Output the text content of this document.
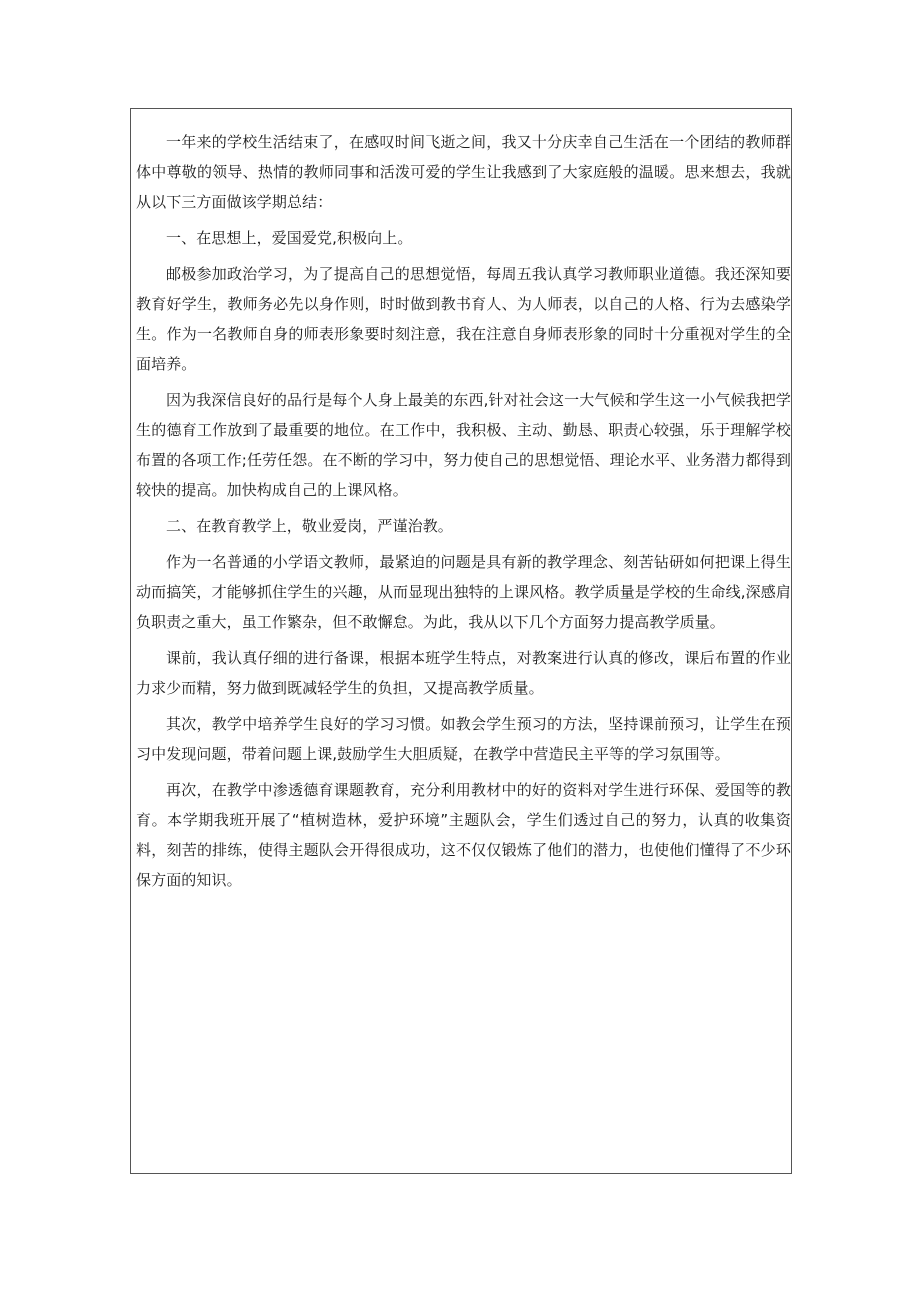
一年来的学校生活结束了，在感叹时间飞逝之间，我又十分庆幸自己生活在一个团结的教师群体中尊敬的领导、热情的教师同事和活泼可爱的学生让我感到了大家庭般的温暖。思来想去，我就从以下三方面做该学期总结：

一、在思想上，爱国爱党,积极向上。

邮极参加政治学习，为了提高自己的思想觉悟，每周五我认真学习教师职业道德。我还深知要教育好学生，教师务必先以身作则，时时做到教书育人、为人师表，以自己的人格、行为去感染学生。作为一名教师自身的师表形象要时刻注意，我在注意自身师表形象的同时十分重视对学生的全面培养。

因为我深信良好的品行是每个人身上最美的东西,针对社会这一大气候和学生这一小气候我把学生的德育工作放到了最重要的地位。在工作中，我积极、主动、勤恳、职责心较强，乐于理解学校布置的各项工作;任劳任怨。在不断的学习中，努力使自己的思想觉悟、理论水平、业务潜力都得到较快的提高。加快构成自己的上课风格。

二、在教育教学上，敬业爱岗，严谨治教。

作为一名普通的小学语文教师，最紧迫的问题是具有新的教学理念、刻苦钻研如何把课上得生动而搞笑，才能够抓住学生的兴趣，从而显现出独特的上课风格。教学质量是学校的生命线,深感肩负职责之重大，虽工作繁杂，但不敢懈怠。为此，我从以下几个方面努力提高教学质量。

课前，我认真仔细的进行备课，根据本班学生特点，对教案进行认真的修改，课后布置的作业力求少而精，努力做到既减轻学生的负担，又提高教学质量。

其次，教学中培养学生良好的学习习惯。如教会学生预习的方法，坚持课前预习，让学生在预习中发现问题，带着问题上课,鼓励学生大胆质疑，在教学中营造民主平等的学习氛围等。

再次，在教学中渗透德育课题教育，充分利用教材中的好的资料对学生进行环保、爱国等的教育。本学期我班开展了“植树造林，爱护环境”主题队会，学生们透过自己的努力，认真的收集资料，刻苦的排练，使得主题队会开得很成功，这不仅仅锻炼了他们的潜力，也使他们懂得了不少环保方面的知识。
